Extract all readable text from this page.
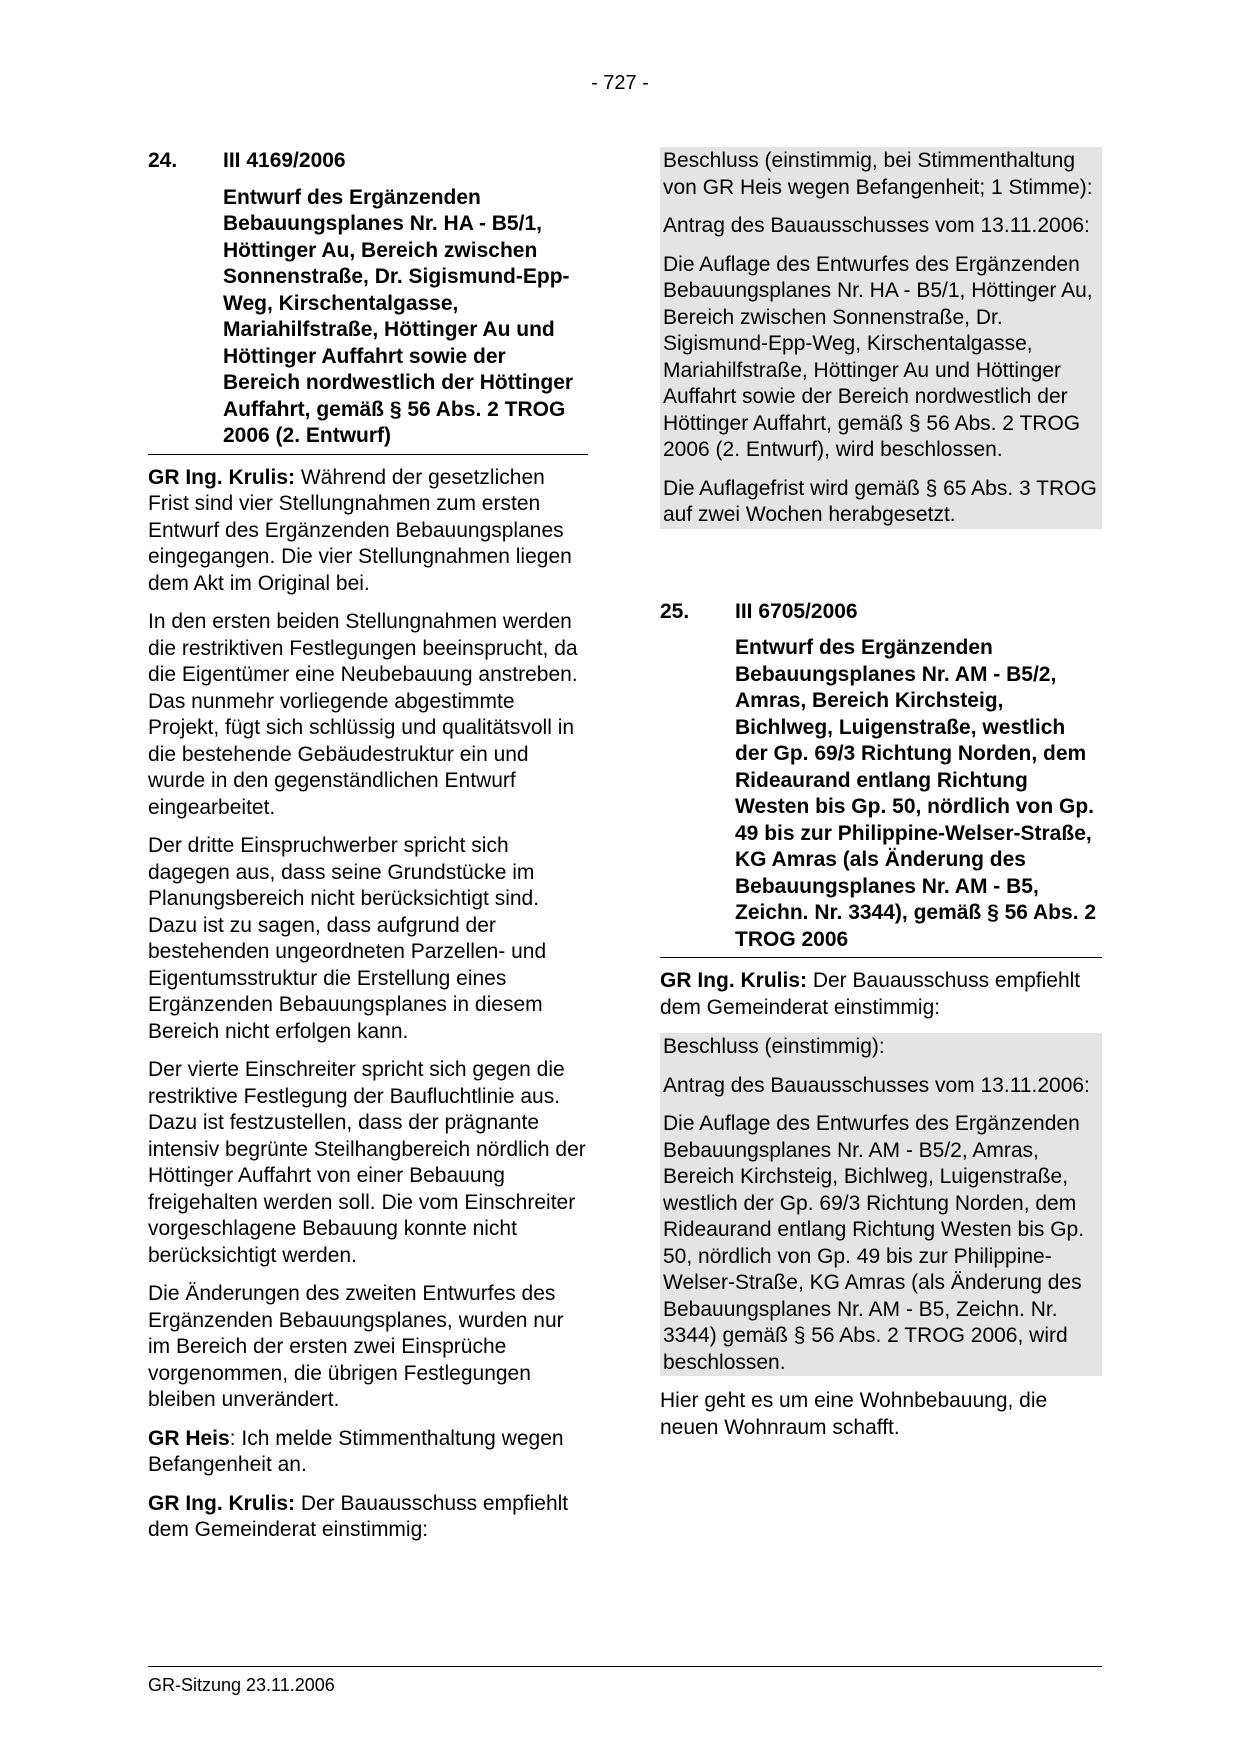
- 727 -
24.	III 4169/2006
Entwurf des Ergänzenden Bebauungsplanes Nr. HA - B5/1, Höttinger Au, Bereich zwischen Sonnenstraße, Dr. Sigismund-Epp-Weg, Kirschentalgasse, Mariahilfstraße, Höttinger Au und Höttinger Auffahrt sowie der Bereich nordwestlich der Höttinger Auffahrt, gemäß § 56 Abs. 2 TROG 2006 (2. Entwurf)

GR Ing. Krulis: Während der gesetzlichen Frist sind vier Stellungnahmen zum ersten Entwurf des Ergänzenden Bebauungsplanes eingegangen. Die vier Stellungnahmen liegen dem Akt im Original bei.

In den ersten beiden Stellungnahmen werden die restriktiven Festlegungen beeinsprucht, da die Eigentümer eine Neubebauung anstreben. Das nunmehr vorliegende abgestimmte Projekt, fügt sich schlüssig und qualitätsvoll in die bestehende Gebäudestruktur ein und wurde in den gegenständlichen Entwurf eingearbeitet.

Der dritte Einspruchwerber spricht sich dagegen aus, dass seine Grundstücke im Planungsbereich nicht berücksichtigt sind. Dazu ist zu sagen, dass aufgrund der bestehenden ungeordneten Parzellen- und Eigentumsstruktur die Erstellung eines Ergänzenden Bebauungsplanes in diesem Bereich nicht erfolgen kann.

Der vierte Einschreiter spricht sich gegen die restriktive Festlegung der Baufluchtlinie aus. Dazu ist festzustellen, dass der prägnante intensiv begrünte Steilhangbereich nördlich der Höttinger Auffahrt von einer Bebauung freigehalten werden soll. Die vom Einschreiter vorgeschlagene Bebauung konnte nicht berücksichtigt werden.

Die Änderungen des zweiten Entwurfes des Ergänzenden Bebauungsplanes, wurden nur im Bereich der ersten zwei Einsprüche vorgenommen, die übrigen Festlegungen bleiben unverändert.

GR Heis: Ich melde Stimmenthaltung wegen Befangenheit an.

GR Ing. Krulis: Der Bauausschuss empfiehlt dem Gemeinderat einstimmig:

Beschluss (einstimmig, bei Stimmenthaltung von GR Heis wegen Befangenheit; 1 Stimme):

Antrag des Bauausschusses vom 13.11.2006:

Die Auflage des Entwurfes des Ergänzenden Bebauungsplanes Nr. HA - B5/1, Höttinger Au, Bereich zwischen Sonnenstraße, Dr. Sigismund-Epp-Weg, Kirschentalgasse, Mariahilfstraße, Höttinger Au und Höttinger Auffahrt sowie der Bereich nordwestlich der Höttinger Auffahrt, gemäß § 56 Abs. 2 TROG 2006 (2. Entwurf), wird beschlossen.

Die Auflagefrist wird gemäß § 65 Abs. 3 TROG auf zwei Wochen herabgesetzt.

25.	III 6705/2006
Entwurf des Ergänzenden Bebauungsplanes Nr. AM - B5/2, Amras, Bereich Kirchsteig, Bichlweg, Luigenstraße, westlich der Gp. 69/3 Richtung Norden, dem Rideaurand entlang Richtung Westen bis Gp. 50, nördlich von Gp. 49 bis zur Philippine-Welser-Straße, KG Amras (als Änderung des Bebauungsplanes Nr. AM - B5, Zeichn. Nr. 3344), gemäß § 56 Abs. 2 TROG 2006

GR Ing. Krulis: Der Bauausschuss empfiehlt dem Gemeinderat einstimmig:

Beschluss (einstimmig):

Antrag des Bauausschusses vom 13.11.2006:

Die Auflage des Entwurfes des Ergänzenden Bebauungsplanes Nr. AM - B5/2, Amras, Bereich Kirchsteig, Bichlweg, Luigenstraße, westlich der Gp. 69/3 Richtung Norden, dem Rideaurand entlang Richtung Westen bis Gp. 50, nördlich von Gp. 49 bis zur Philippine-Welser-Straße, KG Amras (als Änderung des Bebauungsplanes Nr. AM - B5, Zeichn. Nr. 3344) gemäß § 56 Abs. 2 TROG 2006, wird beschlossen.

Hier geht es um eine Wohnbebauung, die neuen Wohnraum schafft.

GR-Sitzung 23.11.2006
